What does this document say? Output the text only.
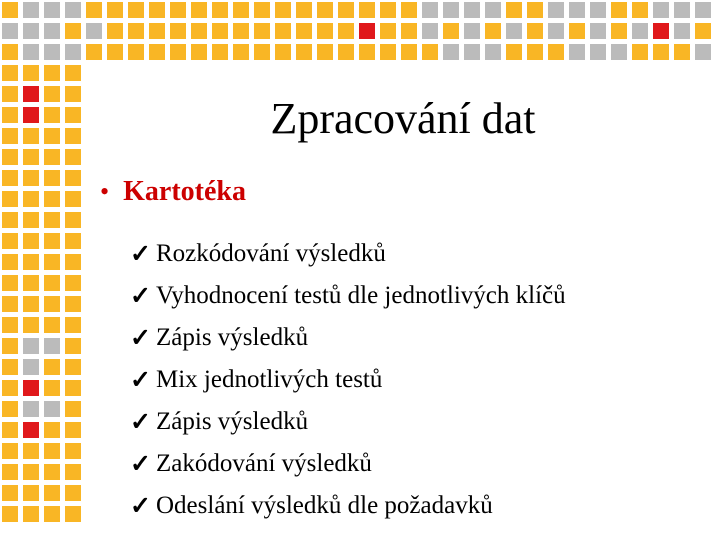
Zpracování dat
• Kartotéka
✓ Rozkódování výsledků
✓ Vyhodnocení testů dle jednotlivých klíčů
✓ Zápis výsledků
✓ Mix jednotlivých testů
✓ Zápis výsledků
✓ Zakódování výsledků
✓ Odeslání výsledků dle požadavků
